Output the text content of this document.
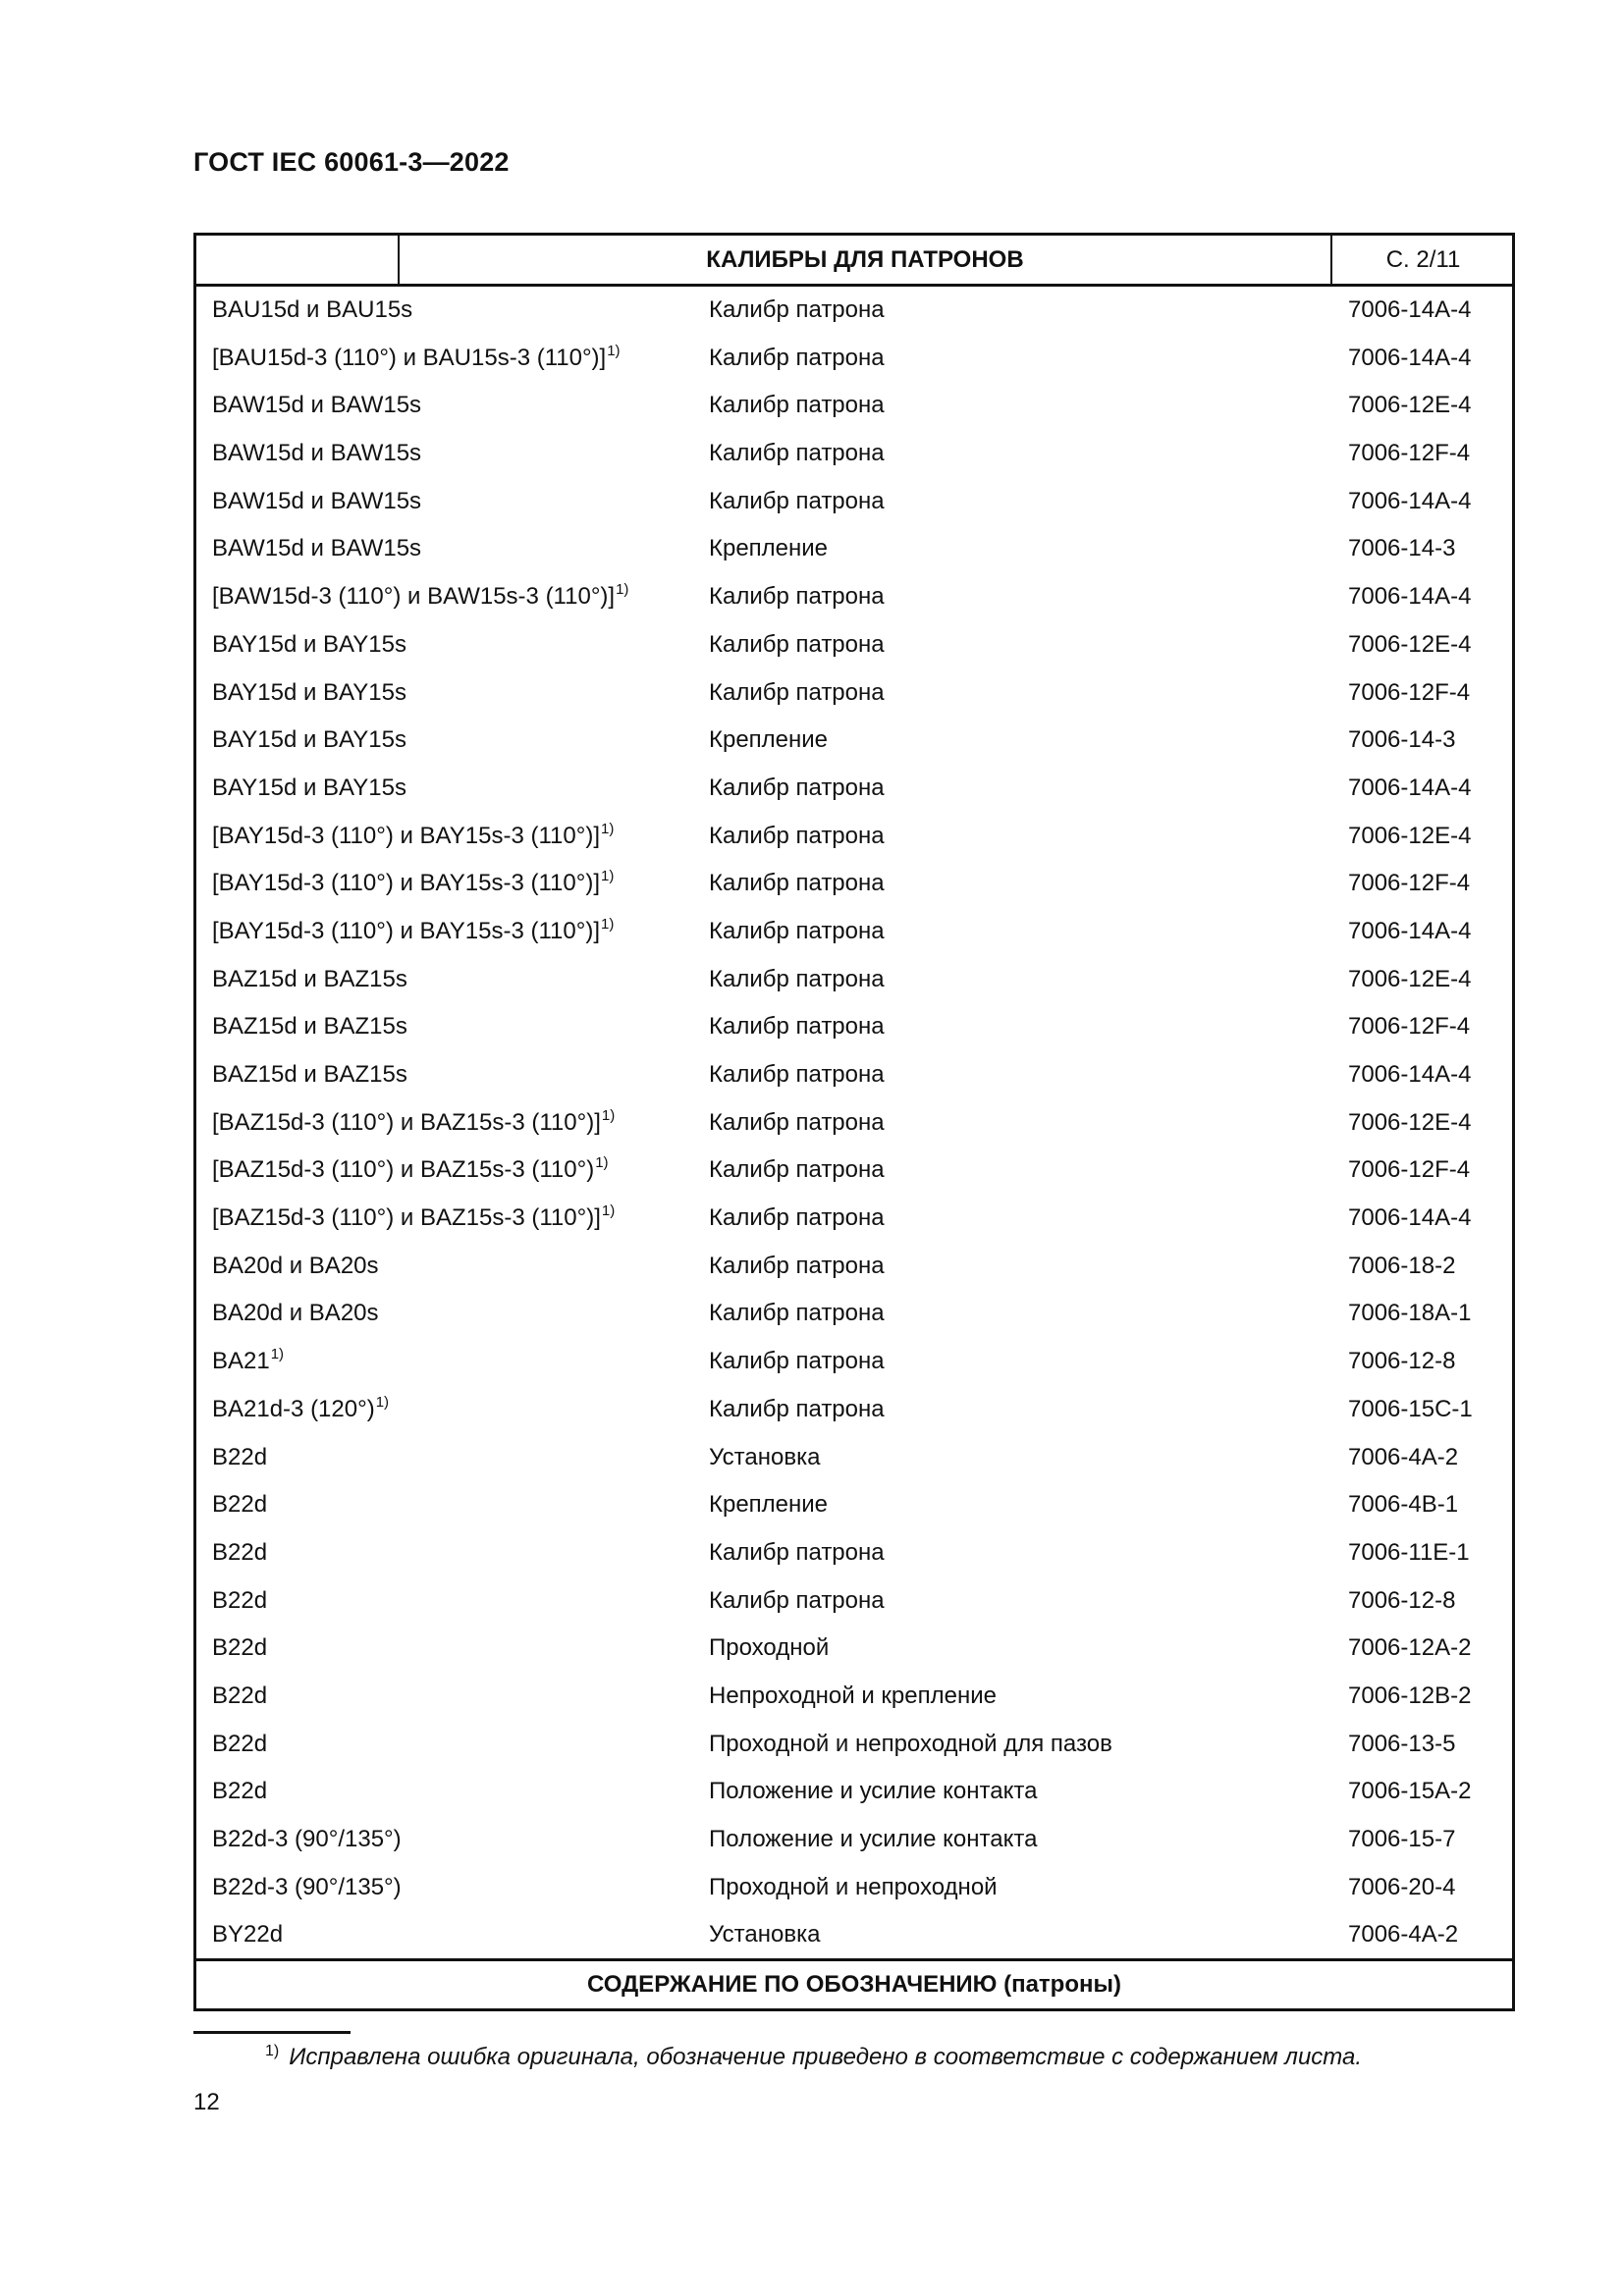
ГОСТ IEC 60061-3—2022
КАЛИБРЫ ДЛЯ ПАТРОНОВ	С. 2/11
BAU15d и BAU15s	Калибр патрона	7006-14A-4
[BAU15d-3 (110°) и BAU15s-3 (110°)]$^{1)}$	Калибр патрона	7006-14A-4
BAW15d и BAW15s	Калибр патрона	7006-12E-4
BAW15d и BAW15s	Калибр патрона	7006-12F-4
BAW15d и BAW15s	Калибр патрона	7006-14A-4
BAW15d и BAW15s	Крепление	7006-14-3
[BAW15d-3 (110°) и BAW15s-3 (110°)]$^{1)}$	Калибр патрона	7006-14A-4
BAY15d и BAY15s	Калибр патрона	7006-12E-4
BAY15d и BAY15s	Калибр патрона	7006-12F-4
BAY15d и BAY15s	Крепление	7006-14-3
BAY15d и BAY15s	Калибр патрона	7006-14A-4
[BAY15d-3 (110°) и BAY15s-3 (110°)]$^{1)}$	Калибр патрона	7006-12E-4
[BAY15d-3 (110°) и BAY15s-3 (110°)]$^{1)}$	Калибр патрона	7006-12F-4
[BAY15d-3 (110°) и BAY15s-3 (110°)]$^{1)}$	Калибр патрона	7006-14A-4
BAZ15d и BAZ15s	Калибр патрона	7006-12E-4
BAZ15d и BAZ15s	Калибр патрона	7006-12F-4
BAZ15d и BAZ15s	Калибр патрона	7006-14A-4
[BAZ15d-3 (110°) и BAZ15s-3 (110°)]$^{1)}$	Калибр патрона	7006-12E-4
[BAZ15d-3 (110°) и BAZ15s-3 $(110^\circ)^{1)}$	Калибр патрона	7006-12F-4
[BAZ15d-3 (110°) и BAZ15s-3 (110°)]$^{1)}$	Калибр патрона	7006-14A-4
BA20d и BA20s	Калибр патрона	7006-18-2
BA20d и BA20s	Калибр патрона	7006-18A-1
BA21$^{1)}$	Калибр патрона	7006-12-8
BA21d-3 $(120^\circ)^{1)}$	Калибр патрона	7006-15C-1
B22d	Установка	7006-4A-2
B22d	Крепление	7006-4B-1
B22d	Калибр патрона	7006-11E-1
B22d	Калибр патрона	7006-12-8
B22d	Проходной	7006-12A-2
B22d	Непроходной и крепление	7006-12B-2
B22d	Проходной и непроходной для пазов	7006-13-5
B22d	Положение и усилие контакта	7006-15A-2
B22d-3 (90°/135°)	Положение и усилие контакта	7006-15-7
B22d-3 (90°/135°)	Проходной и непроходной	7006-20-4
BY22d	Установка	7006-4A-2
СОДЕРЖАНИЕ ПО ОБОЗНАЧЕНИЮ (патроны)
$^{1)}$ Исправлена ошибка оригинала, обозначение приведено в соответствие с содержанием листа.
12
